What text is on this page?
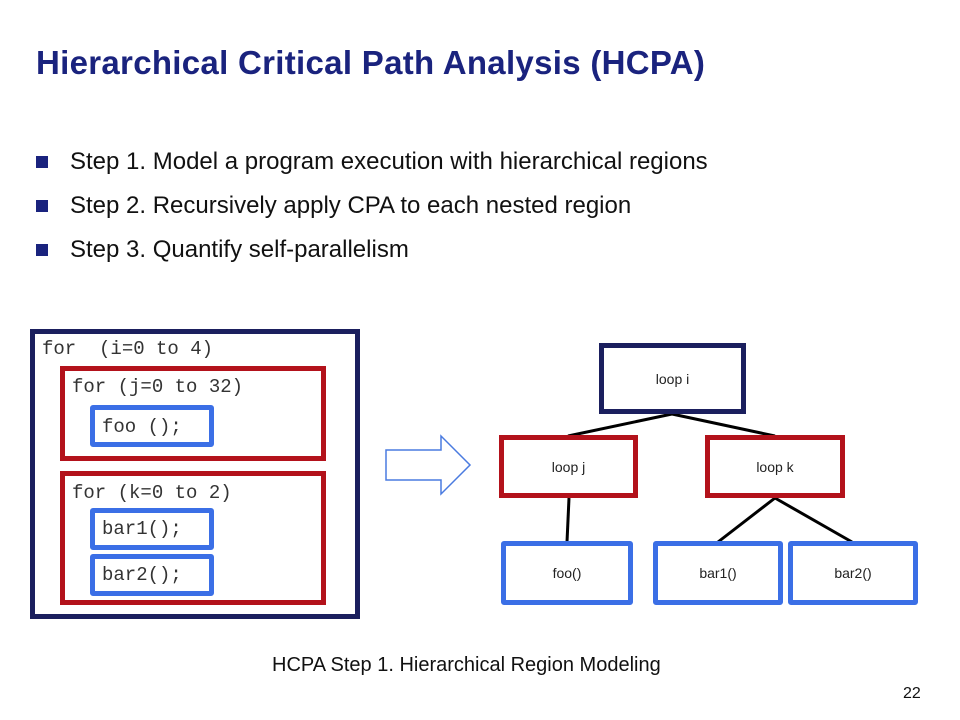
Hierarchical Critical Path Analysis (HCPA)
Step 1. Model a program execution with hierarchical regions
Step 2. Recursively apply CPA to each nested region
Step 3. Quantify self-parallelism
for  (i=0 to 4)
for (j=0 to 32)
foo ();
for (k=0 to 2)
bar1();
bar2();
loop i
loop j	loop k
foo()	bar1()	bar2()
HCPA Step 1. Hierarchical Region Modeling
22
